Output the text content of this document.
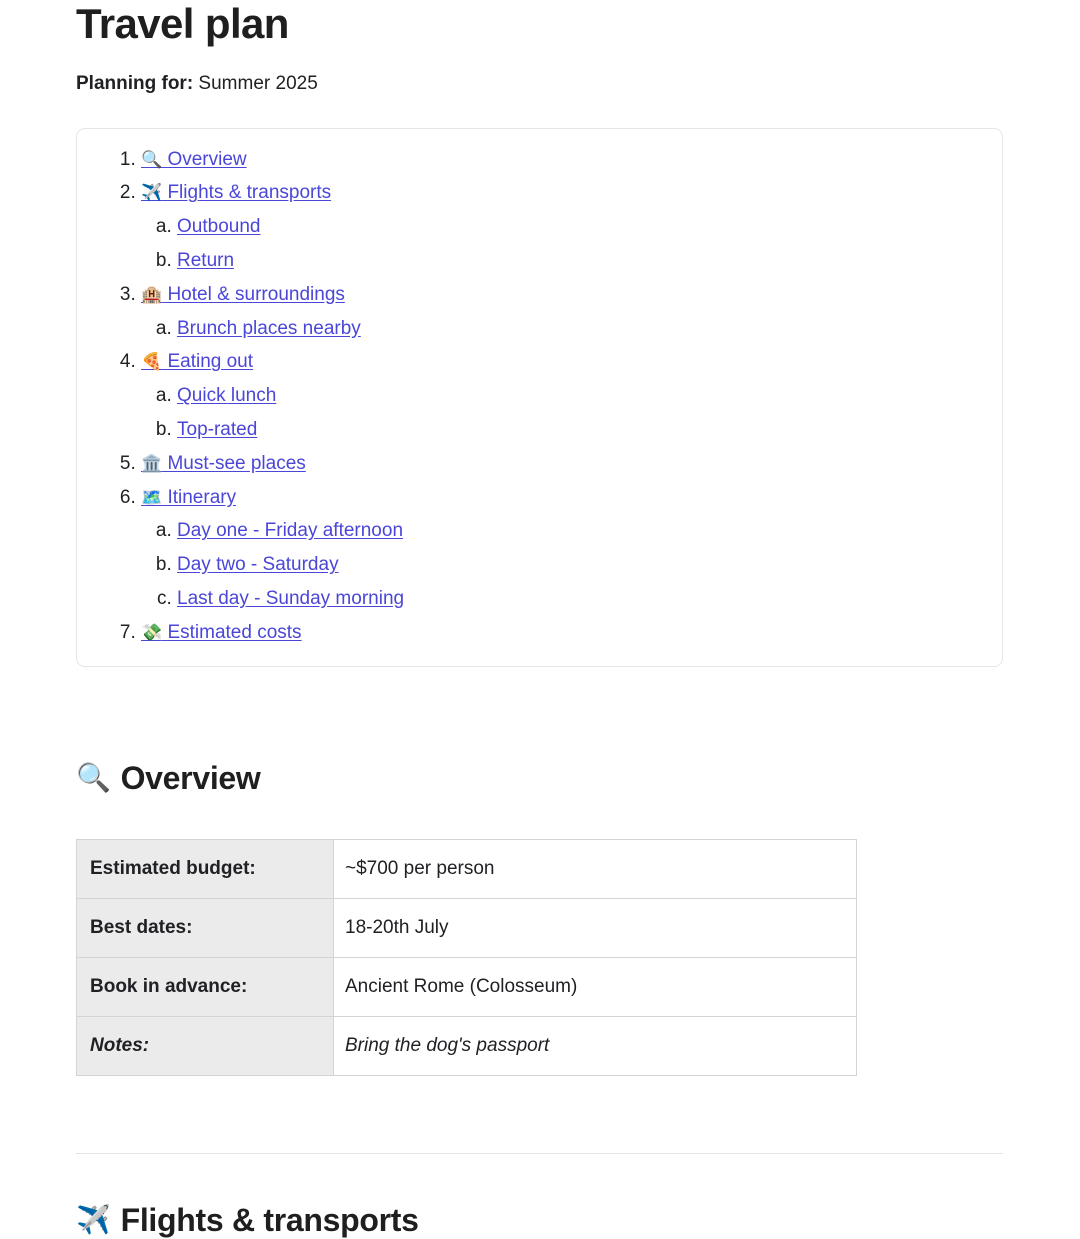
Travel plan
Planning for: Summer 2025
1. 🔍 Overview
2. ✈️ Flights & transports
a. Outbound
b. Return
3. 🏨 Hotel & surroundings
a. Brunch places nearby
4. 🍕 Eating out
a. Quick lunch
b. Top-rated
5. 🏛️ Must-see places
6. 🗺️ Itinerary
a. Day one - Friday afternoon
b. Day two - Saturday
c. Last day - Sunday morning
7. 💸 Estimated costs
🔍 Overview
Estimated budget:	~$700 per person
Best dates:	18-20th July
Book in advance:	Ancient Rome (Colosseum)
Notes:	Bring the dog's passport
✈️ Flights & transports
